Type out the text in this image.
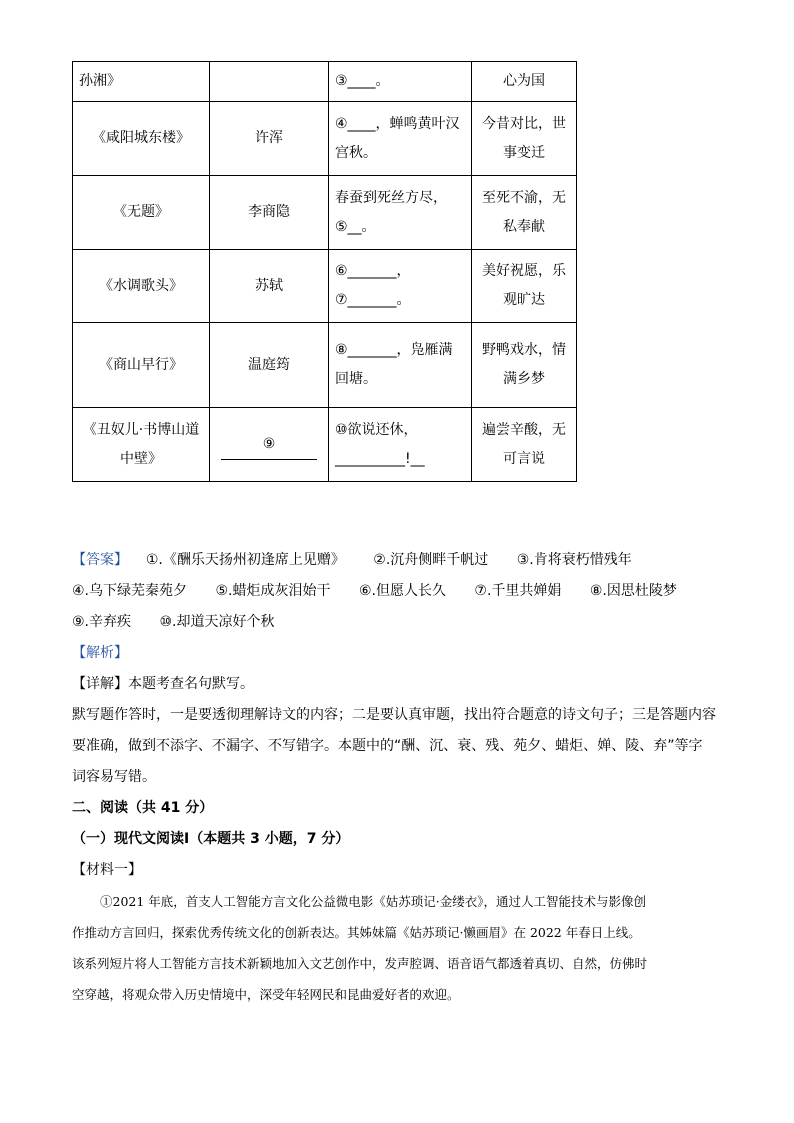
孙湘》		③____。	心为国
《咸阳城东楼》	许浑	④____，蝉鸣黄叶汉宫秋。	今昔对比，世事变迁
《无题》	李商隐	春蚕到死丝方尽，⑤__。	至死不渝，无私奉献
《水调歌头》	苏轼	⑥_______，⑦_______。	美好祝愿，乐观旷达
《商山早行》	温庭筠	⑧_______，凫雁满回塘。	野鸭戏水，情满乡梦
《丑奴儿·书博山道中壁》	⑨	⑩欲说还休，__________!__	遍尝辛酸，无可言说
【答案】 ①.《酬乐天扬州初逢席上见赠》 ②.沉舟侧畔千帆过 ③.肯将衰朽惜残年
④.乌下绿芜秦苑夕 ⑤.蜡炬成灰泪始干 ⑥.但愿人长久 ⑦.千里共婵娟 ⑧.因思杜陵梦
⑨.辛弃疾 ⑩.却道天凉好个秋
【解析】
【详解】本题考查名句默写。
默写题作答时，一是要透彻理解诗文的内容；二是要认真审题，找出符合题意的诗文句子；三是答题内容
要准确，做到不添字、不漏字、不写错字。本题中的“酬、沉、衰、残、苑夕、蜡炬、婵、陵、弃”等字
词容易写错。
二、阅读（共 41 分）
（一）现代文阅读Ⅰ（本题共 3 小题，7 分）
【材料一】
①2021 年底，首支人工智能方言文化公益微电影《姑苏琐记·金缕衣》，通过人工智能技术与影像创
作推动方言回归，探索优秀传统文化的创新表达。其姊妹篇《姑苏琐记·懒画眉》在 2022 年春日上线。
该系列短片将人工智能方言技术新颖地加入文艺创作中，发声腔调、语音语气都透着真切、自然，仿佛时
空穿越，将观众带入历史情境中，深受年轻网民和昆曲爱好者的欢迎。
